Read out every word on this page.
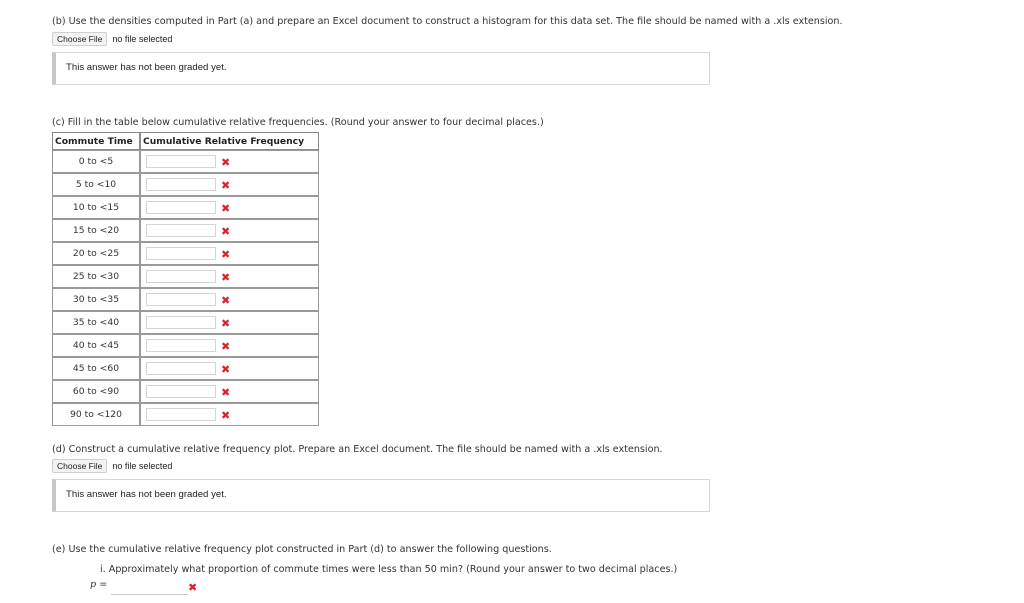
(b) Use the densities computed in Part (a) and prepare an Excel document to construct a histogram for this data set. The file should be named with a .xls extension.
Choose File	no file selected
This answer has not been graded yet.
(c) Fill in the table below cumulative relative frequencies. (Round your answer to four decimal places.)
Commute Time	Cumulative Relative Frequency
0 to <5	✖

5 to <10	✖

10 to <15	✖

15 to <20	✖

20 to <25	✖

25 to <30	✖

30 to <35	✖

35 to <40	✖

40 to <45	✖

45 to <60	✖

60 to <90	✖

90 to <120	✖
(d) Construct a cumulative relative frequency plot. Prepare an Excel document. The file should be named with a .xls extension.
Choose File	no file selected
This answer has not been graded yet.
(e) Use the cumulative relative frequency plot constructed in Part (d) to answer the following questions.
i. Approximately what proportion of commute times were less than 50 min? (Round your answer to two decimal places.)
p =	✖
